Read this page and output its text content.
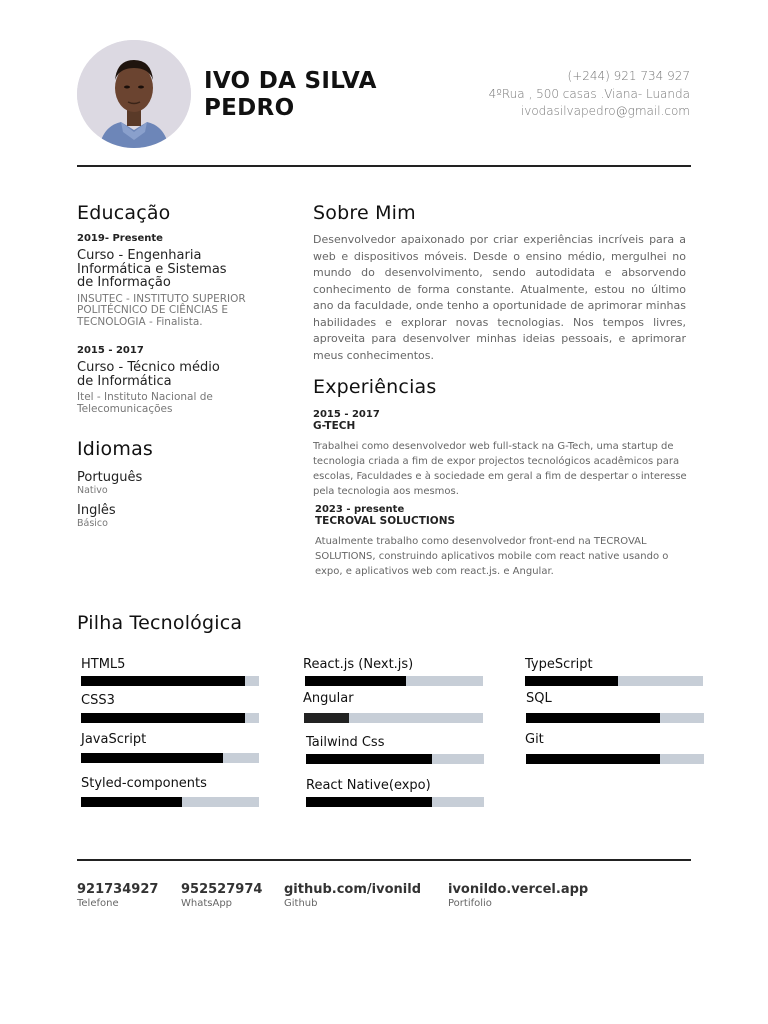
IVO DA SILVA
PEDRO
(+244) 921 734 927
4ºRua , 500 casas .Viana- Luanda
ivodasilvapedro@gmail.com
Educação
2019- Presente
Curso - Engenharia
Informática e Sistemas
de Informação
INSUTEC - INSTITUTO SUPERIOR
POLITÉCNICO DE CIÊNCIAS E
TECNOLOGIA - Finalista.
2015 - 2017
Curso - Técnico médio
de Informática
Itel - Instituto Nacional de
Telecomunicações
Idiomas
Português
Nativo
Inglês
Básico
Sobre Mim
Desenvolvedor apaixonado por criar experiências incríveis para a web e dispositivos móveis. Desde o ensino médio, mergulhei no mundo do desenvolvimento, sendo autodidata e absorvendo conhecimento de forma constante. Atualmente, estou no último ano da faculdade, onde tenho a oportunidade de aprimorar minhas habilidades e explorar novas tecnologias. Nos tempos livres, aproveita para desenvolver minhas ideias pessoais, e aprimorar meus conhecimentos.
Experiências
2015 - 2017
G-TECH
Trabalhei como desenvolvedor web full-stack na G-Tech, uma startup de tecnologia criada a fim de expor projectos tecnológicos acadêmicos para escolas, Faculdades e à sociedade em geral a fim de despertar o interesse pela tecnologia aos mesmos.
2023 - presente
TECROVAL SOLUCTIONS
Atualmente trabalho como desenvolvedor front-end na TECROVAL SOLUTIONS, construindo aplicativos mobile com react native usando o expo, e aplicativos web com react.js. e Angular.
Pilha Tecnológica
HTML5
CSS3
JavaScript
Styled-components
React.js (Next.js)
Angular
Tailwind Css
React Native(expo)
TypeScript
SQL
Git
921734927
Telefone
952527974
WhatsApp
github.com/ivonild
Github
ivonildo.vercel.app
Portifolio
